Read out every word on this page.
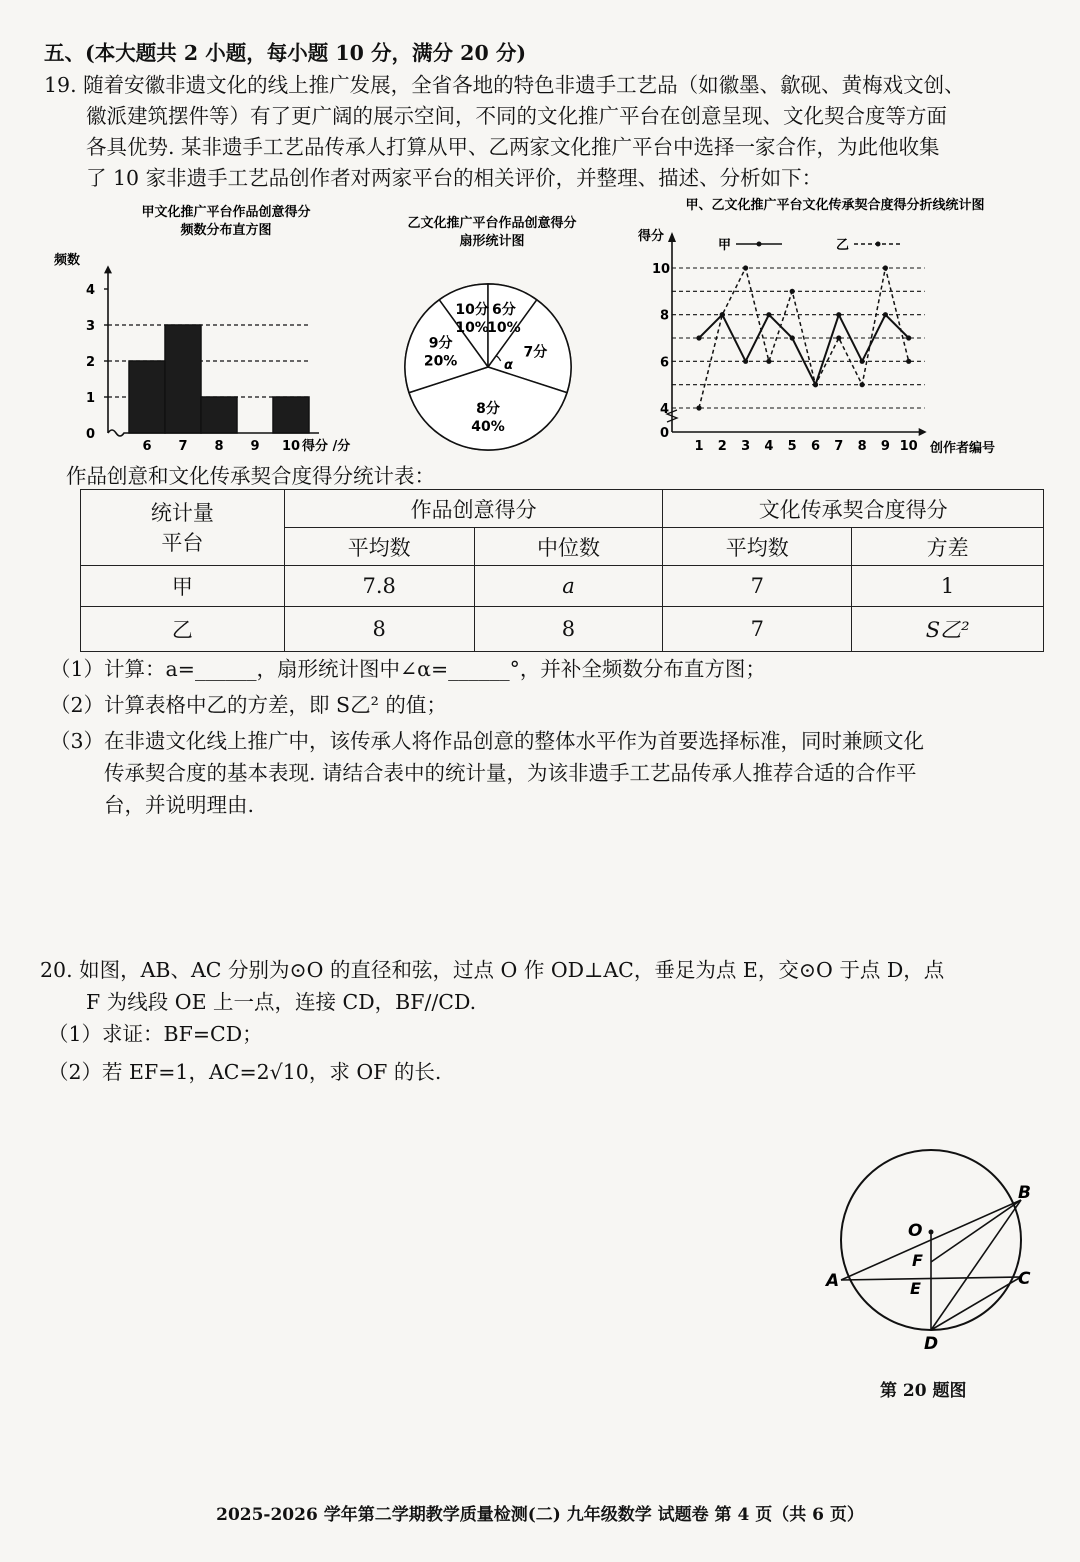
五、(本大题共 2 小题，每小题 10 分，满分 20 分)
19. 随着安徽非遗文化的线上推广发展，全省各地的特色非遗手工艺品（如徽墨、歙砚、黄梅戏文创、
徽派建筑摆件等）有了更广阔的展示空间，不同的文化推广平台在创意呈现、文化契合度等方面
各具优势. 某非遗手工艺品传承人打算从甲、乙两家文化推广平台中选择一家合作，为此他收集
了 10 家非遗手工艺品创作者对两家平台的相关评价，并整理、描述、分析如下：
甲文化推广平台作品创意得分
频数分布直方图
频数
得分 /分
0
1
2
3
4
6 7 8 9 10
乙文化推广平台作品创意得分
扇形统计图
10分
10%
6分
10%
7分
α
8分
40%
9分
20%
甲、乙文化推广平台文化传承契合度得分折线统计图
得分
创作者编号
甲	乙
0
4
6
8
10
1 2 3 4 5 6 7 8 9 10
作品创意和文化传承契合度得分统计表：
统计量
平台	作品创意得分		文化传承契合度得分	
	平均数	中位数	平均数	方差
甲	7.8	a	7	1
乙	8	8	7	S乙²
（1）计算：a=______，扇形统计图中∠α=______°，并补全频数分布直方图；
（2）计算表格中乙的方差，即 S乙² 的值；
（3）在非遗文化线上推广中，该传承人将作品创意的整体水平作为首要选择标准，同时兼顾文化
传承契合度的基本表现. 请结合表中的统计量，为该非遗手工艺品传承人推荐合适的合作平
台，并说明理由.
20. 如图，AB、AC 分别为⊙O 的直径和弦，过点 O 作 OD⊥AC，垂足为点 E，交⊙O 于点 D，点
F 为线段 OE 上一点，连接 CD，BF//CD.
（1）求证：BF=CD；
（2）若 EF=1，AC=2√10，求 OF 的长.
O
F
E
A
B
C
D
第 20 题图
2025-2026 学年第二学期教学质量检测(二) 九年级数学 试题卷 第 4 页（共 6 页）
